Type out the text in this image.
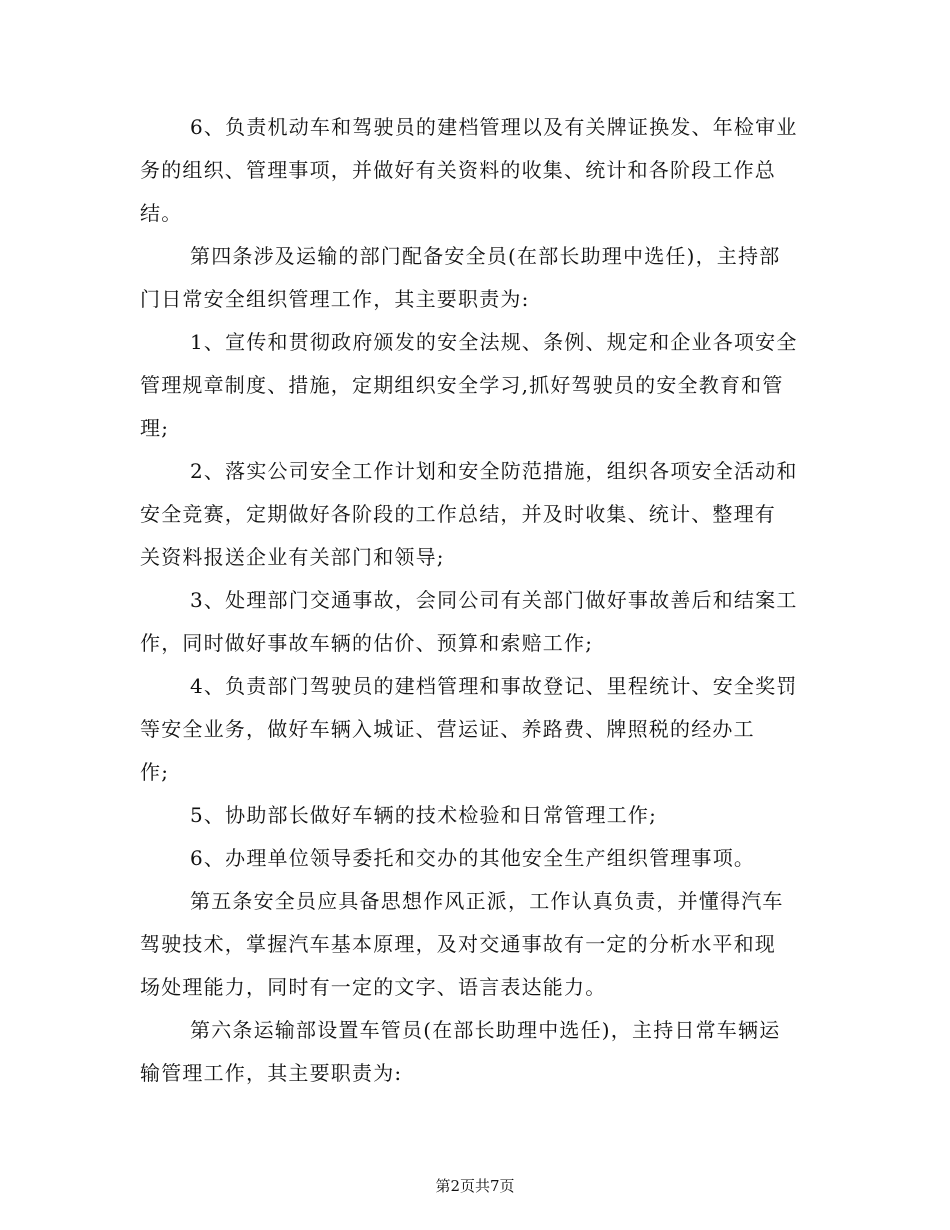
6、负责机动车和驾驶员的建档管理以及有关牌证换发、年检审业
务的组织、管理事项，并做好有关资料的收集、统计和各阶段工作总
结。
第四条涉及运输的部门配备安全员(在部长助理中选任)，主持部
门日常安全组织管理工作，其主要职责为:
1、宣传和贯彻政府颁发的安全法规、条例、规定和企业各项安全
管理规章制度、措施，定期组织安全学习,抓好驾驶员的安全教育和管
理;
2、落实公司安全工作计划和安全防范措施，组织各项安全活动和
安全竞赛，定期做好各阶段的工作总结，并及时收集、统计、整理有
关资料报送企业有关部门和领导;
3、处理部门交通事故，会同公司有关部门做好事故善后和结案工
作，同时做好事故车辆的估价、预算和索赔工作;
4、负责部门驾驶员的建档管理和事故登记、里程统计、安全奖罚
等安全业务，做好车辆入城证、营运证、养路费、牌照税的经办工
作;
5、协助部长做好车辆的技术检验和日常管理工作;
6、办理单位领导委托和交办的其他安全生产组织管理事项。
第五条安全员应具备思想作风正派，工作认真负责，并懂得汽车
驾驶技术，掌握汽车基本原理，及对交通事故有一定的分析水平和现
场处理能力，同时有一定的文字、语言表达能力。
第六条运输部设置车管员(在部长助理中选任)，主持日常车辆运
输管理工作，其主要职责为:
第2页共7页
